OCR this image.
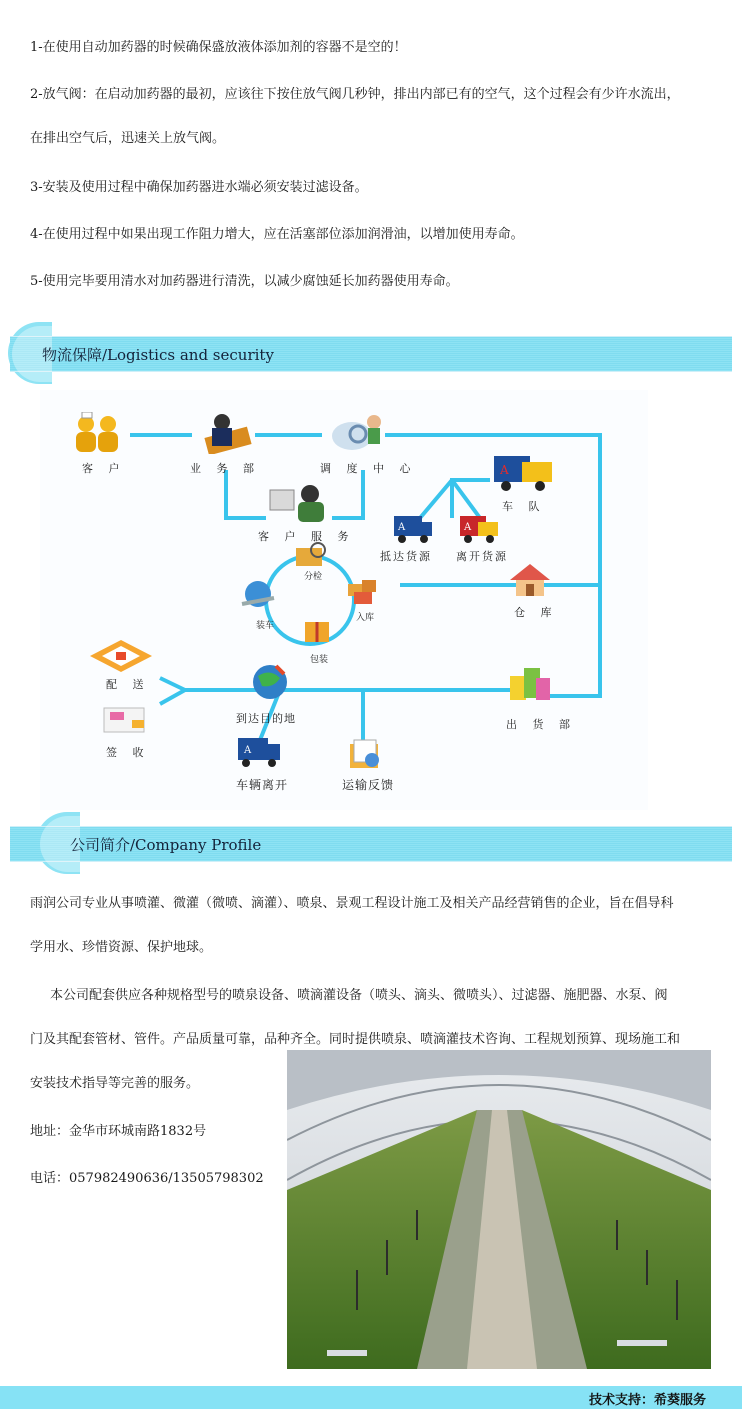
1-在使用自动加药器的时候确保盛放液体添加剂的容器不是空的！
2-放气阀：在启动加药器的最初，应该往下按住放气阀几秒钟，排出内部已有的空气，这个过程会有少许水流出，
在排出空气后，迅速关上放气阀。
3-安装及使用过程中确保加药器进水端必须安装过滤设备。
4-在使用过程中如果出现工作阻力增大，应在活塞部位添加润滑油，以增加使用寿命。
5-使用完毕要用清水对加药器进行清洗，以减少腐蚀延长加药器使用寿命。
物流保障/Logistics and security
客 户	业 务 部	调 度 中 心
客 户 服 务
A
车 队
A
抵达货源
A
离开货源
分检
装车
入库
包装
仓 库
配 送
签 收
到达目的地	出 货 部
A
车辆离开	运输反馈
公司简介/Company Profile
雨润公司专业从事喷灌、微灌（微喷、滴灌）、喷泉、景观工程设计施工及相关产品经营销售的企业，旨在倡导科
学用水、珍惜资源、保护地球。
本公司配套供应各种规格型号的喷泉设备、喷滴灌设备（喷头、滴头、微喷头）、过滤器、施肥器、水泵、阀
门及其配套管材、管件。产品质量可靠，品种齐全。同时提供喷泉、喷滴灌技术咨询、工程规划预算、现场施工和
安装技术指导等完善的服务。
地址：金华市环城南路1832号
电话：057982490636/13505798302
技术支持：希葵服务
